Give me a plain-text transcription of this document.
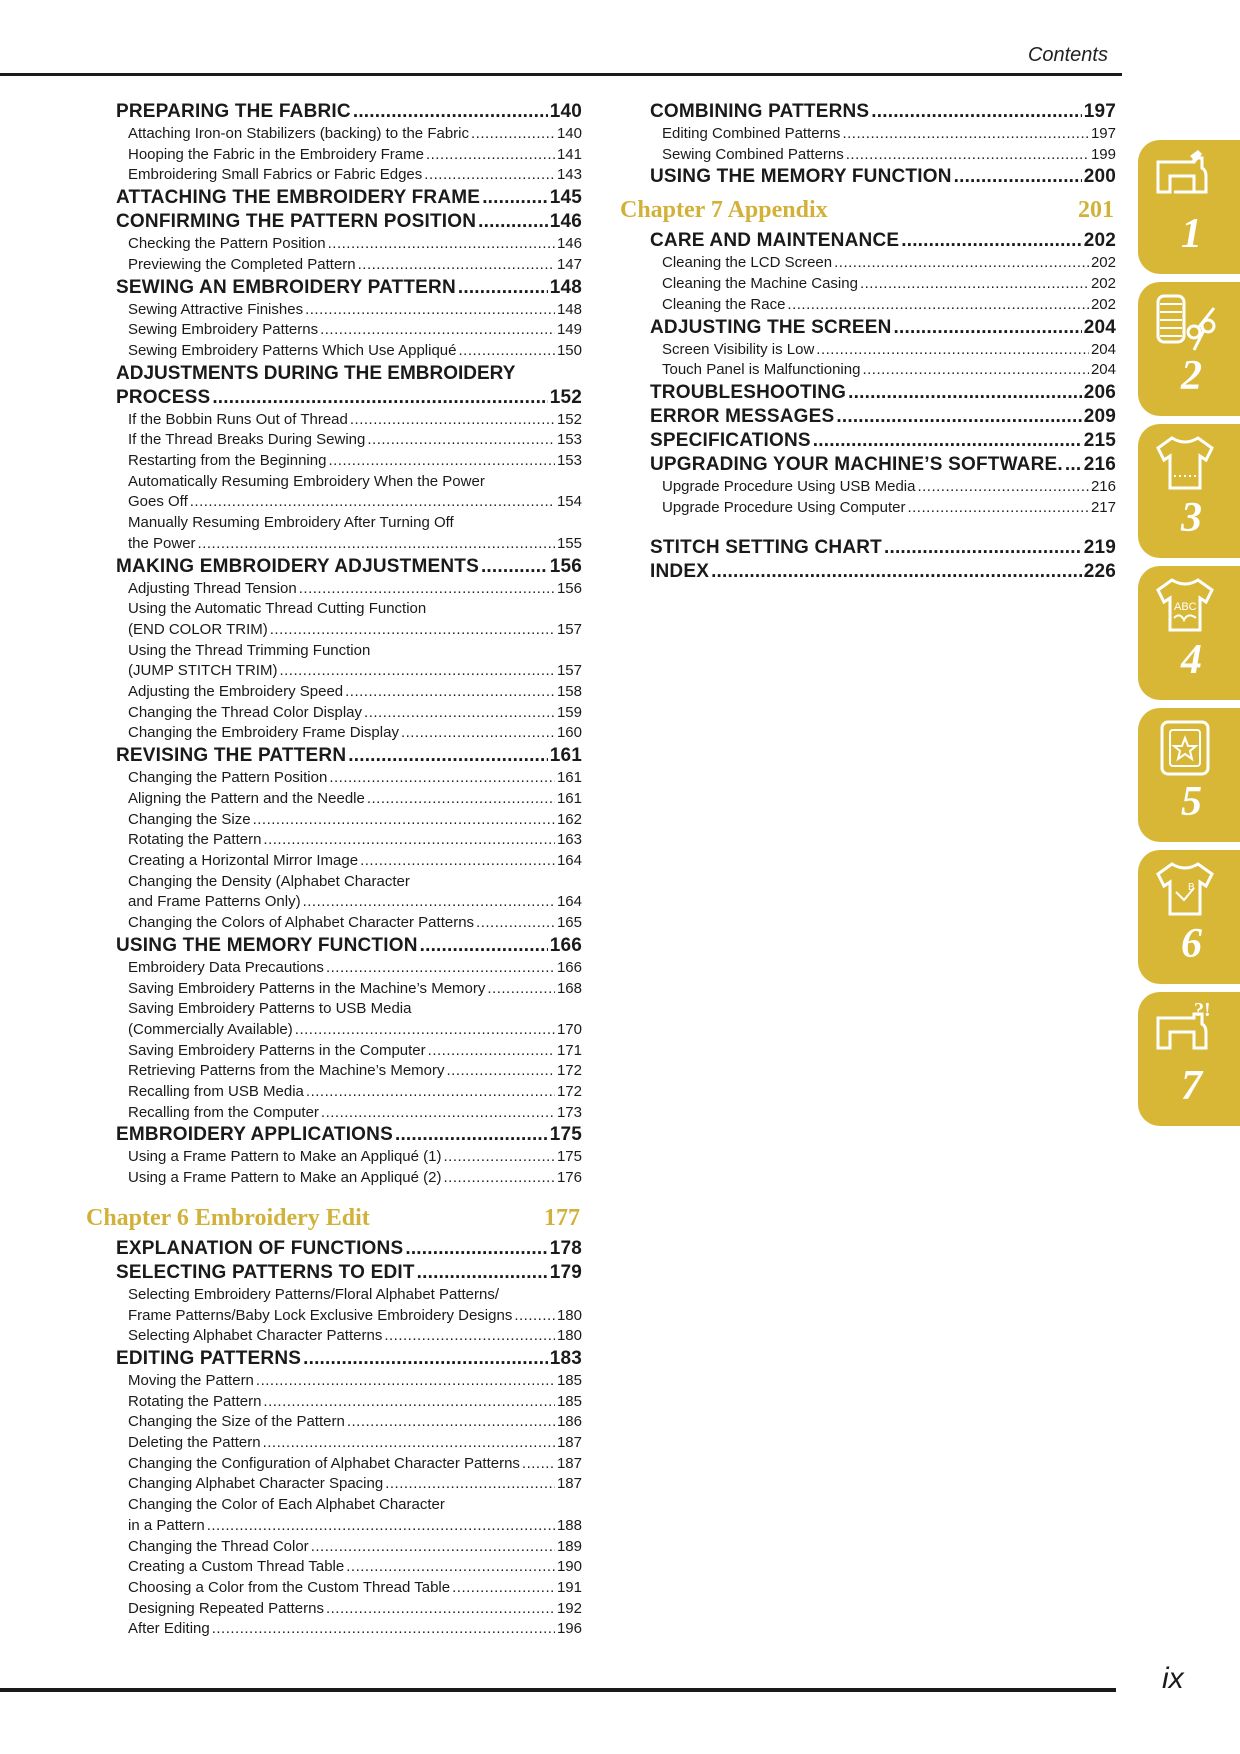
Contents
PREPARING THE FABRIC .....	140
Attaching Iron-on Stabilizers (backing) to the Fabric .....	140
Hooping the Fabric in the Embroidery Frame .....	141
Embroidering Small Fabrics or Fabric Edges .....	143
ATTACHING THE EMBROIDERY FRAME .....	145
CONFIRMING THE PATTERN POSITION .....	146
Checking the Pattern Position .....	146
Previewing the Completed Pattern .....	147
SEWING AN EMBROIDERY PATTERN .....	148
Sewing Attractive Finishes .....	148
Sewing Embroidery Patterns .....	149
Sewing Embroidery Patterns Which Use Appliqué .....	150
ADJUSTMENTS DURING THE EMBROIDERY
PROCESS .....	152
If the Bobbin Runs Out of Thread .....	152
If the Thread Breaks During Sewing .....	153
Restarting from the Beginning .....	153
Automatically Resuming Embroidery When the Power
Goes Off .....	154
Manually Resuming Embroidery After Turning Off
the Power .....	155
MAKING EMBROIDERY ADJUSTMENTS .....	156
Adjusting Thread Tension .....	156
Using the Automatic Thread Cutting Function
(END COLOR TRIM) .....	157
Using the Thread Trimming Function
(JUMP STITCH TRIM) .....	157
Adjusting the Embroidery Speed .....	158
Changing the Thread Color Display .....	159
Changing the Embroidery Frame Display .....	160
REVISING THE PATTERN .....	161
Changing the Pattern Position .....	161
Aligning the Pattern and the Needle .....	161
Changing the Size .....	162
Rotating the Pattern .....	163
Creating a Horizontal Mirror Image .....	164
Changing the Density (Alphabet Character
and Frame Patterns Only) .....	164
Changing the Colors of Alphabet Character Patterns .....	165
USING THE MEMORY FUNCTION .....	166
Embroidery Data Precautions .....	166
Saving Embroidery Patterns in the Machine’s Memory .....	168
Saving Embroidery Patterns to USB Media
(Commercially Available) .....	170
Saving Embroidery Patterns in the Computer .....	171
Retrieving Patterns from the Machine’s Memory .....	172
Recalling from USB Media .....	172
Recalling from the Computer .....	173
EMBROIDERY APPLICATIONS .....	175
Using a Frame Pattern to Make an Appliqué (1) .....	175
Using a Frame Pattern to Make an Appliqué (2) .....	176
Chapter 6 Embroidery Edit	177
EXPLANATION OF FUNCTIONS .....	178
SELECTING PATTERNS TO EDIT .....	179
Selecting Embroidery Patterns/Floral Alphabet Patterns/
Frame Patterns/Baby Lock Exclusive Embroidery Designs .....	180
Selecting Alphabet Character Patterns .....	180
EDITING PATTERNS .....	183
Moving the Pattern .....	185
Rotating the Pattern .....	185
Changing the Size of the Pattern .....	186
Deleting the Pattern .....	187
Changing the Configuration of Alphabet Character Patterns ..... 187
Changing Alphabet Character Spacing .....	187
Changing the Color of Each Alphabet Character
in a Pattern .....	188
Changing the Thread Color .....	189
Creating a Custom Thread Table .....	190
Choosing a Color from the Custom Thread Table .....	191
Designing Repeated Patterns .....	192
After Editing .....	196
COMBINING PATTERNS .....	197
Editing Combined Patterns .....	197
Sewing Combined Patterns .....	199
USING THE MEMORY FUNCTION .....	200
Chapter 7 Appendix	201
CARE AND MAINTENANCE .....	202
Cleaning the LCD Screen .....	202
Cleaning the Machine Casing .....	202
Cleaning the Race .....	202
ADJUSTING THE SCREEN .....	204
Screen Visibility is Low .....	204
Touch Panel is Malfunctioning .....	204
TROUBLESHOOTING .....	206
ERROR MESSAGES .....	209
SPECIFICATIONS .....	215
UPGRADING YOUR MACHINE’S SOFTWARE. ..... 216
Upgrade Procedure Using USB Media .....	216
Upgrade Procedure Using Computer .....	217
STITCH SETTING CHART .....	219
INDEX .....	226
1
2
3
ABC
4
5
B
6
?!
7
ix
